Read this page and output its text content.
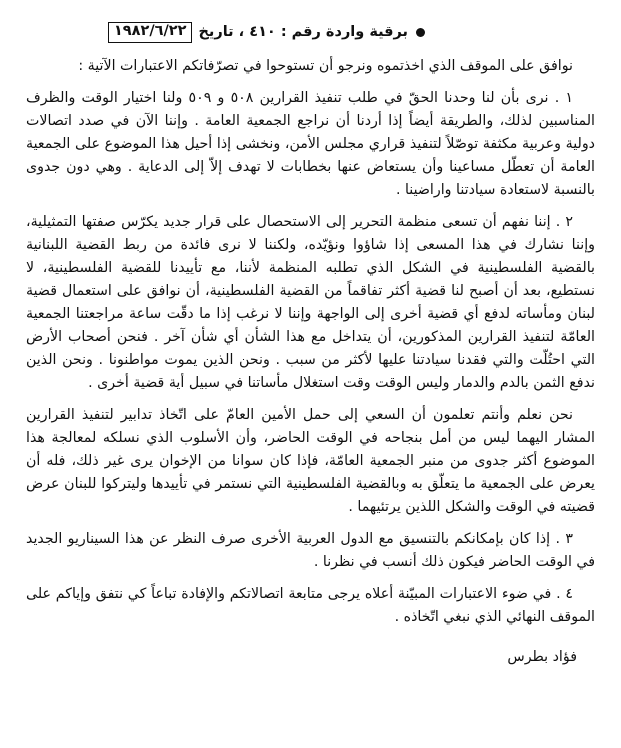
برقية واردة رقم : ٤١٠ ، تاريخ
١٩٨٢/٦/٢٢

نوافق على الموقف الذي اخذتموه ونرجو أن تستوحوا في تصرّفاتكم الاعتبارات الآتية :

١ . نرى بأن لنا وحدنا الحقّ في طلب تنفيذ القرارين ٥٠٨ و ٥٠٩ ولنا اختيار الوقت والظرف المناسبين لذلك، والطريقة أيضاً إذا أردنا أن نراجع الجمعية العامة . وإننا الآن في صدد اتصالات دولية وعربية مكثفة توصّلاً لتنفيذ قراري مجلس الأمن، ونخشى إذا أحيل هذا الموضوع على الجمعية العامة أن تعطّل مساعينا وأن يستعاض عنها بخطابات لا تهدف إلاّ إلى الدعاية . وهي دون جدوى بالنسبة لاستعادة سيادتنا واراضينا .

٢ . إننا نفهم أن تسعى منظمة التحرير إلى الاستحصال على قرار جديد يكرّس صفتها التمثيلية، وإننا نشارك في هذا المسعى إذا شاؤوا ونؤيّده، ولكننا لا نرى فائدة من ربط القضية اللبنانية بالقضية الفلسطينية في الشكل الذي تطلبه المنظمة لأننا، مع تأييدنا للقضية الفلسطينية، لا نستطيع، بعد أن أصبح لنا قضية أكثر تفاقماً من القضية الفلسطينية، أن نوافق على استعمال قضية لبنان ومأساته لدفع أي قضية أخرى إلى الواجهة وإننا لا نرغب إذا ما دقّت ساعة مراجعتنا الجمعية العامّة لتنفيذ القرارين المذكورين، أن يتداخل مع هذا الشأن أي شأن آخر . فنحن أصحاب الأرض التي احتُلّت والتي فقدنا سيادتنا عليها لأكثر من سبب . ونحن الذين يموت مواطنونا . ونحن الذين ندفع الثمن بالدم والدمار وليس الوقت وقت استغلال مأساتنا في سبيل أية قضية أخرى .

نحن نعلم وأنتم تعلمون أن السعي إلى حمل الأمين العامّ على اتّخاذ تدابير لتنفيذ القرارين المشار اليهما ليس من أمل بنجاحه في الوقت الحاضر، وأن الأسلوب الذي نسلكه لمعالجة هذا الموضوع أكثر جدوى من منبر الجمعية العامّة، فإذا كان سوانا من الإخوان يرى غير ذلك، فله أن يعرض على الجمعية ما يتعلّق به وبالقضية الفلسطينية التي نستمر في تأييدها وليتركوا للبنان عرض قضيته في الوقت والشكل اللذين يرتئيهما .

٣ . إذا كان بإمكانكم بالتنسيق مع الدول العربية الأخرى صرف النظر عن هذا السيناريو الجديد في الوقت الحاضر فيكون ذلك أنسب في نظرنا .

٤ . في ضوء الاعتبارات المبيّنة أعلاه يرجى متابعة اتصالاتكم والإفادة تباعاً كي نتفق وإياكم على الموقف النهائي الذي نبغي اتّخاذه .

فؤاد بطرس
